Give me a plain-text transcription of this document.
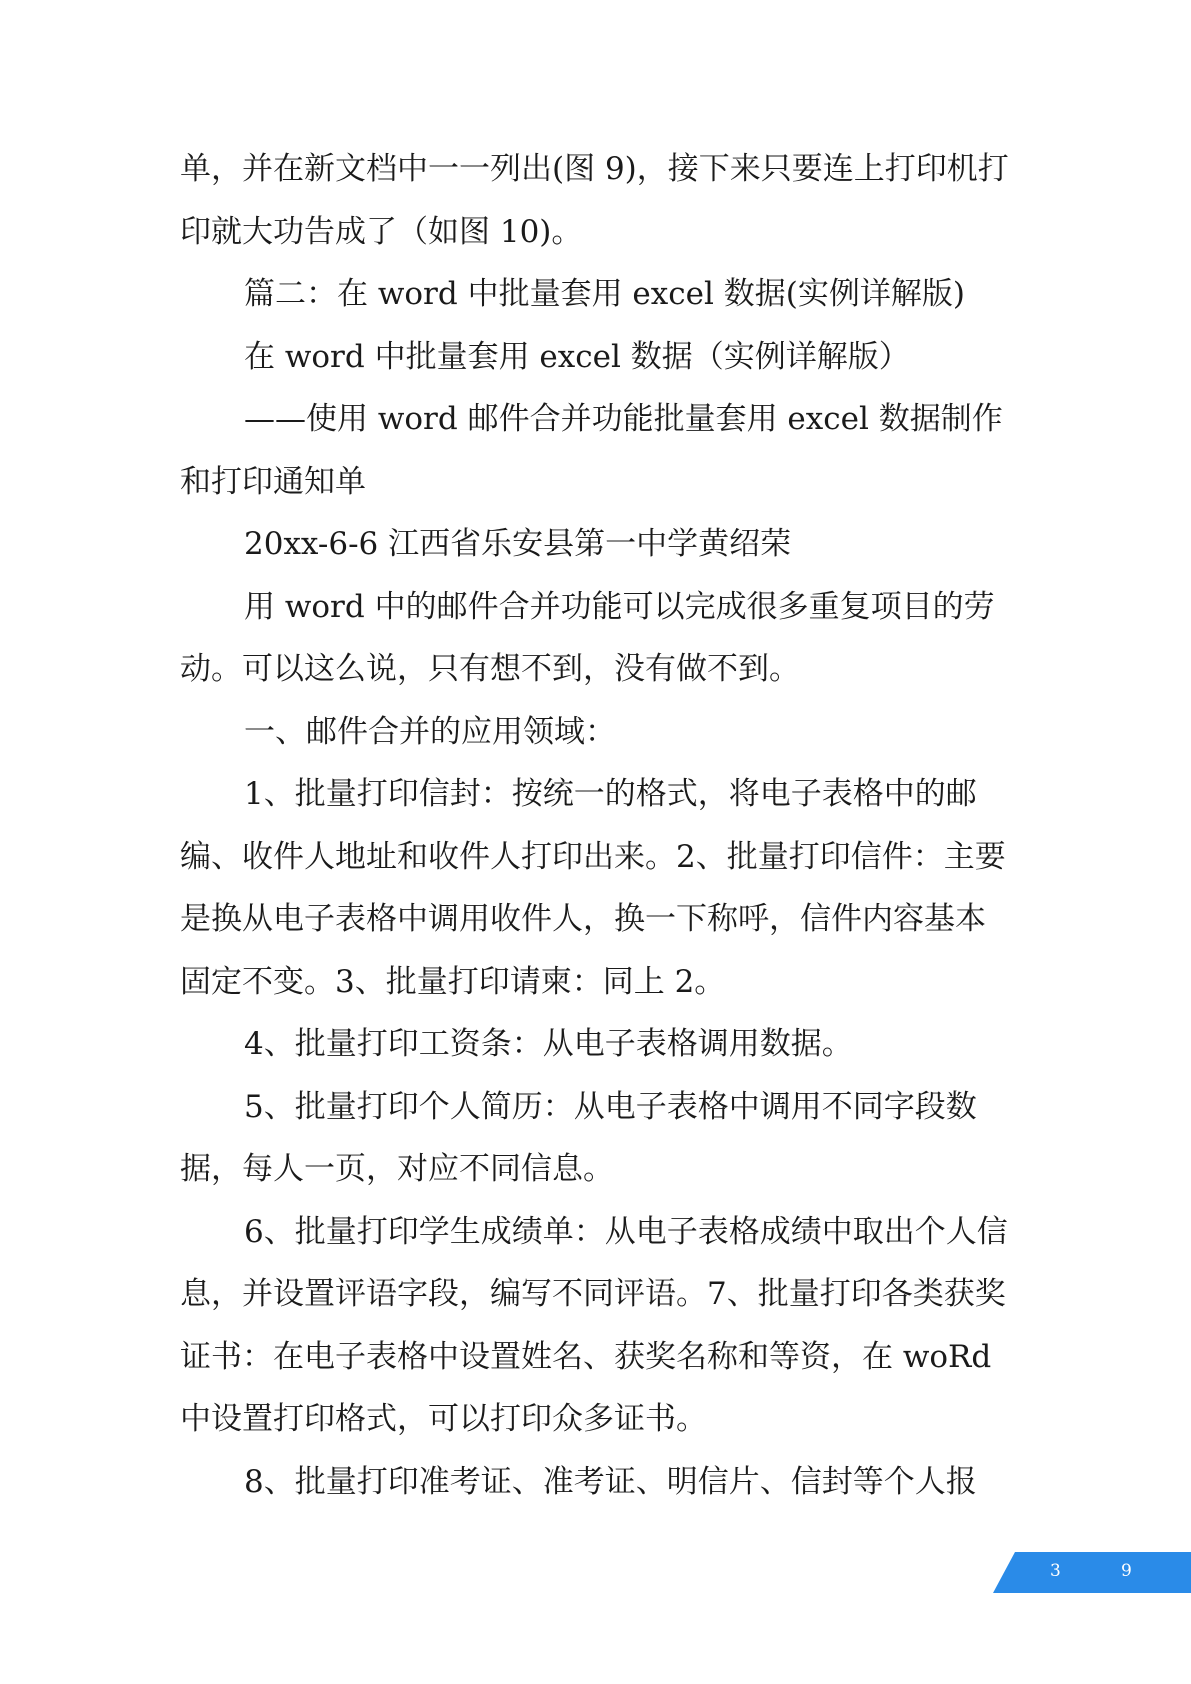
单，并在新文档中一一列出(图 9)，接下来只要连上打印机打印就大功告成了（如图 10)。

篇二：在 word 中批量套用 excel 数据(实例详解版)

在 word 中批量套用 excel 数据（实例详解版）

——使用 word 邮件合并功能批量套用 excel 数据制作和打印通知单

20xx-6-6 江西省乐安县第一中学黄绍荣

用 word 中的邮件合并功能可以完成很多重复项目的劳动。可以这么说，只有想不到，没有做不到。

一、邮件合并的应用领域：

1、批量打印信封：按统一的格式，将电子表格中的邮编、收件人地址和收件人打印出来。2、批量打印信件：主要是换从电子表格中调用收件人，换一下称呼，信件内容基本固定不变。3、批量打印请柬：同上 2。

4、批量打印工资条：从电子表格调用数据。

5、批量打印个人简历：从电子表格中调用不同字段数据，每人一页，对应不同信息。

6、批量打印学生成绩单：从电子表格成绩中取出个人信息，并设置评语字段，编写不同评语。7、批量打印各类获奖证书：在电子表格中设置姓名、获奖名称和等资，在 woRd 中设置打印格式，可以打印众多证书。

8、批量打印准考证、准考证、明信片、信封等个人报

3	9
